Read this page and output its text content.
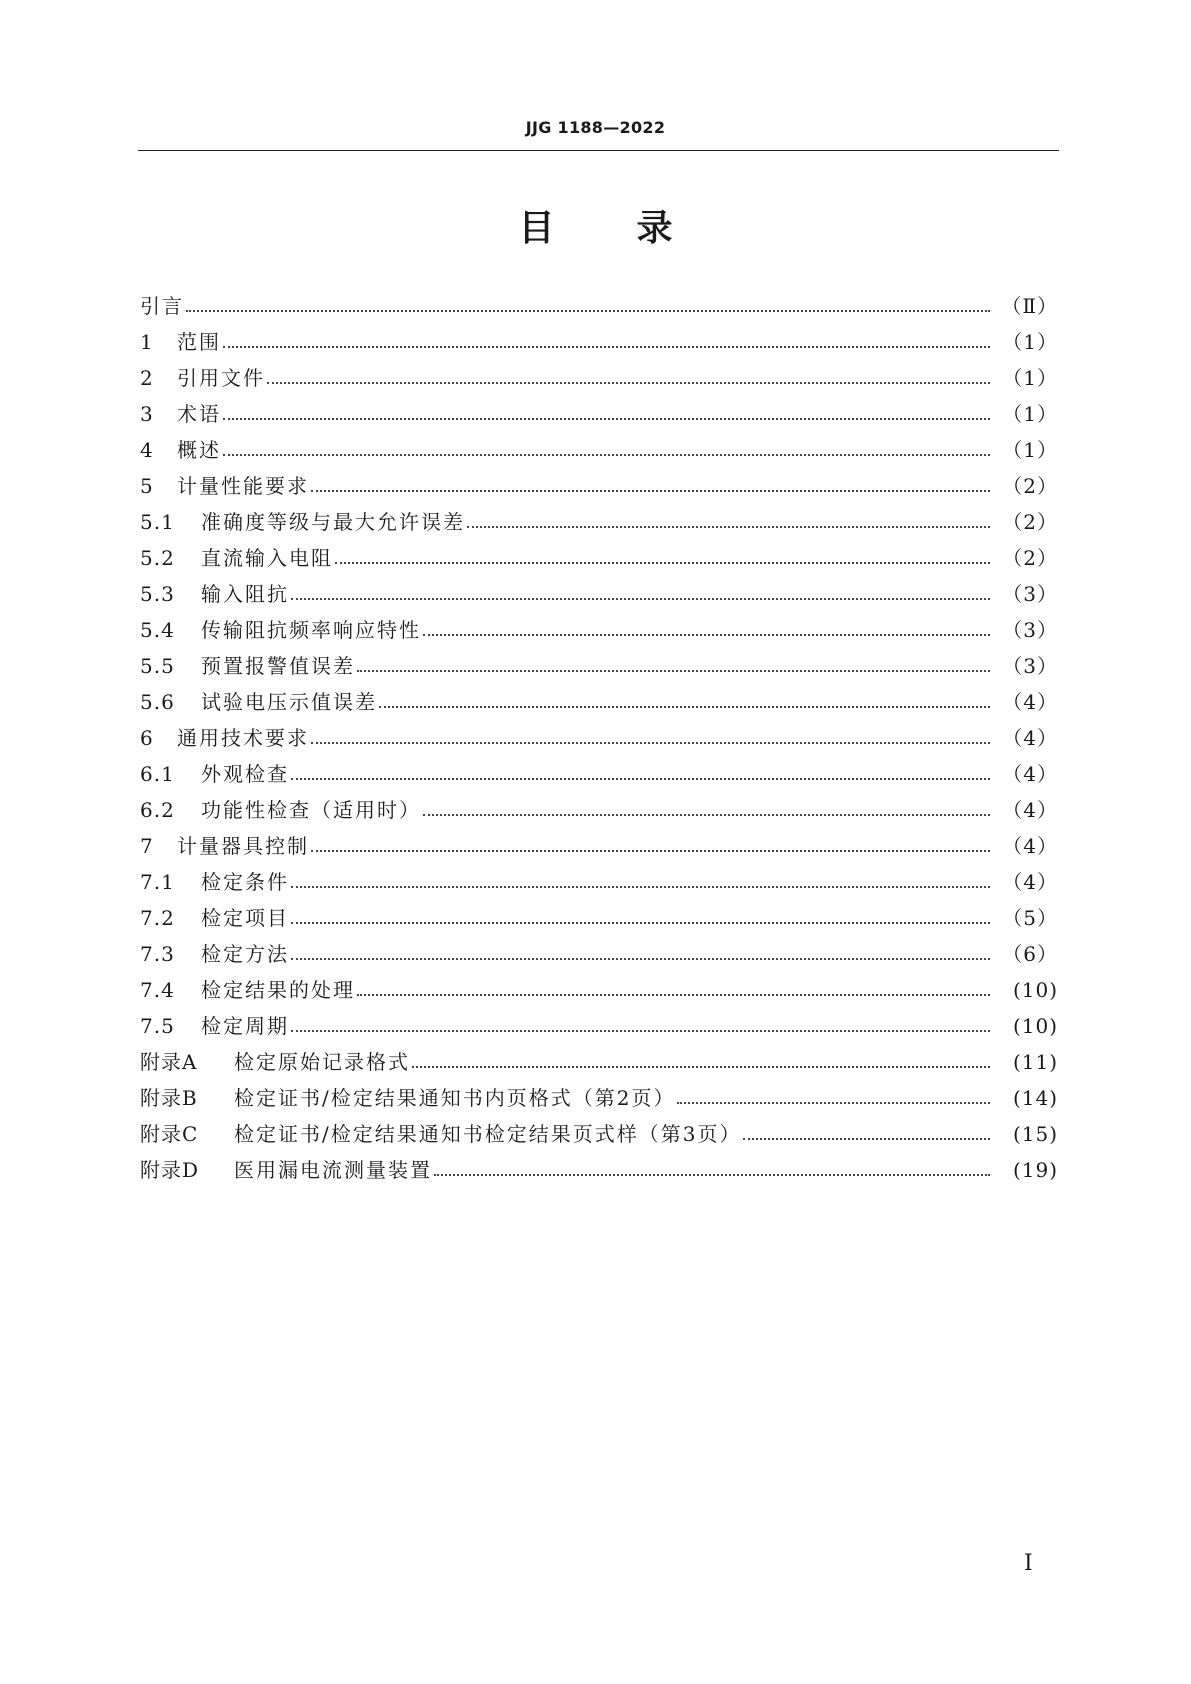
JJG 1188—2022
目 录
引言	（Ⅱ）
1	范围	（1）
2	引用文件	（1）
3	术语	（1）
4	概述	（1）
5	计量性能要求	（2）
5.1	准确度等级与最大允许误差	（2）
5.2	直流输入电阻	（2）
5.3	输入阻抗	（3）
5.4	传输阻抗频率响应特性	（3）
5.5	预置报警值误差	（3）
5.6	试验电压示值误差	（4）
6	通用技术要求	（4）
6.1	外观检查	（4）
6.2	功能性检查（适用时）	（4）
7	计量器具控制	（4）
7.1	检定条件	（4）
7.2	检定项目	（5）
7.3	检定方法	（6）
7.4	检定结果的处理	(10)
7.5	检定周期	(10)
附录A	检定原始记录格式	(11)
附录B	检定证书/检定结果通知书内页格式（第2页）	(14)
附录C	检定证书/检定结果通知书检定结果页式样（第3页）	(15)
附录D	医用漏电流测量装置	(19)
Ⅰ
